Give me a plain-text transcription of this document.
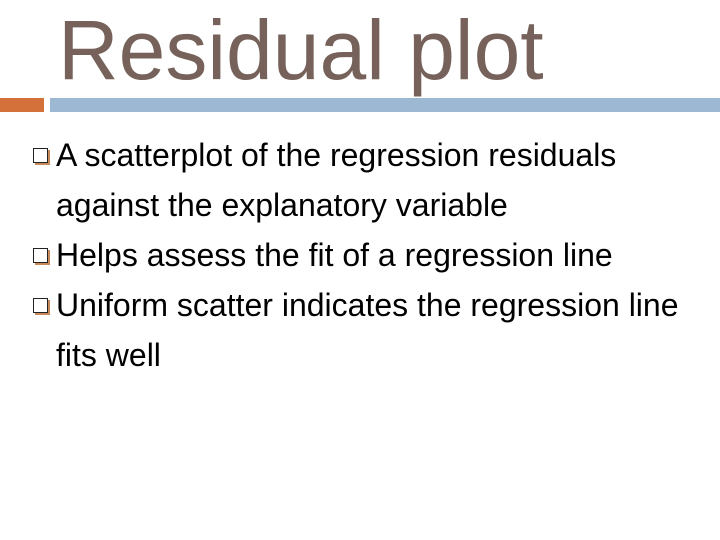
Residual plot
A scatterplot of the regression residuals against the explanatory variable
Helps assess the fit of a regression line
Uniform scatter indicates the regression line fits well
